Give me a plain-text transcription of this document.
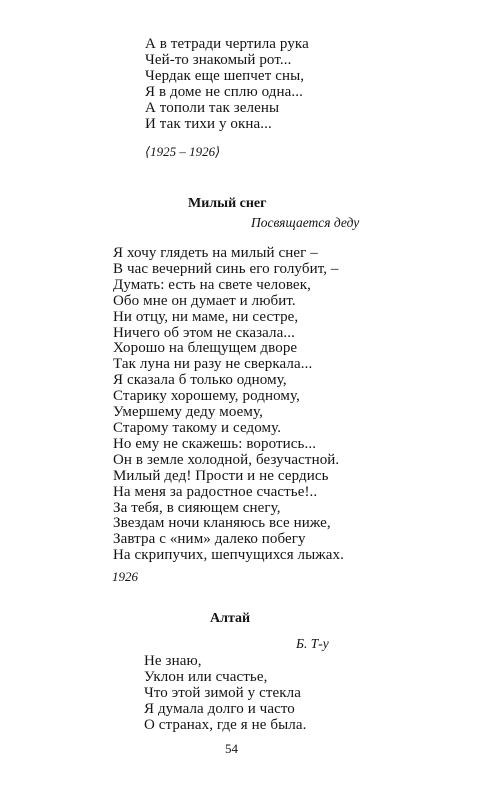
А в тетради чертила рука
Чей-то знакомый рот...
Чердак еще шепчет сны,
Я в доме не сплю одна...
А тополи так зелены
И так тихи у окна...
⟨1925 – 1926⟩
Милый снег
Посвящается деду
Я хочу глядеть на милый снег –
В час вечерний синь его голубит, –
Думать: есть на свете человек,
Обо мне он думает и любит.
Ни отцу, ни маме, ни сестре,
Ничего об этом не сказала...
Хорошо на блещущем дворе
Так луна ни разу не сверкала...
Я сказала б только одному,
Старику хорошему, родному,
Умершему деду моему,
Старому такому и седому.
Но ему не скажешь: воротись...
Он в земле холодной, безучастной.
Милый дед! Прости и не сердись
На меня за радостное счастье!..
За тебя, в сияющем снегу,
Звездам ночи кланяюсь все ниже,
Завтра с «ним» далеко побегу
На скрипучих, шепчущихся лыжах.
1926
Алтай
Б. Т-у
Не знаю,
Уклон или счастье,
Что этой зимой у стекла
Я думала долго и часто
О странах, где я не была.
54
